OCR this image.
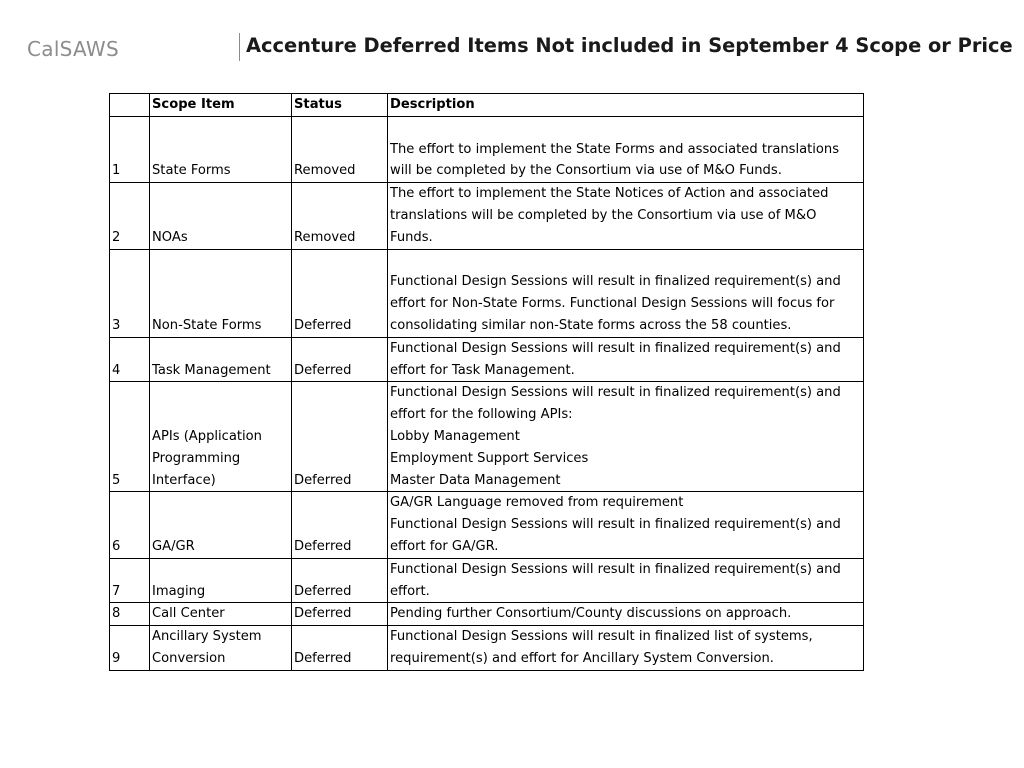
CalSAWS	Accenture Deferred Items Not included in September 4 Scope or Price
	Scope Item	Status	Description
1	State Forms	Removed	The effort to implement the State Forms and associated translations
will be completed by the Consortium via use of M&O Funds.

2	NOAs	Removed	The effort to implement the State Notices of Action and associated
translations will be completed by the Consortium via use of M&O
Funds.

3	Non-State Forms	Deferred	Functional Design Sessions will result in finalized requirement(s) and
effort for Non-State Forms. Functional Design Sessions will focus for
consolidating similar non-State forms across the 58 counties.

4	Task Management	Deferred	Functional Design Sessions will result in finalized requirement(s) and
effort for Task Management.

5	APIs (Application
Programming
Interface)	Deferred	Functional Design Sessions will result in finalized requirement(s) and
effort for the following APIs:
Lobby Management
Employment Support Services
Master Data Management

6	GA/GR	Deferred	GA/GR Language removed from requirement
Functional Design Sessions will result in finalized requirement(s) and
effort for GA/GR.

7	Imaging	Deferred	Functional Design Sessions will result in finalized requirement(s) and
effort.

8	Call Center	Deferred	Pending further Consortium/County discussions on approach.

9	Ancillary System
Conversion	Deferred	Functional Design Sessions will result in finalized list of systems,
requirement(s) and effort for Ancillary System Conversion.
